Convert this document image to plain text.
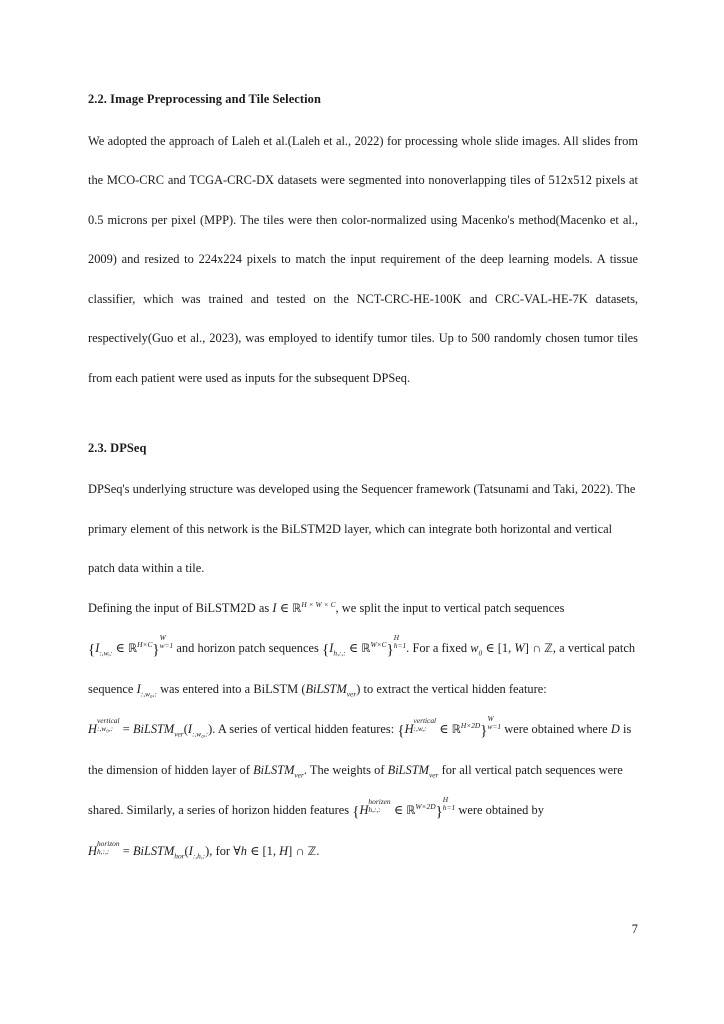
2.2. Image Preprocessing and Tile Selection

We adopted the approach of Laleh et al.(Laleh et al., 2022) for processing whole slide images. All slides from the MCO-CRC and TCGA-CRC-DX datasets were segmented into nonoverlapping tiles of 512x512 pixels at 0.5 microns per pixel (MPP). The tiles were then color-normalized using Macenko's method(Macenko et al., 2009) and resized to 224x224 pixels to match the input requirement of the deep learning models. A tissue classifier, which was trained and tested on the NCT-CRC-HE-100K and CRC-VAL-HE-7K datasets, respectively(Guo et al., 2023), was employed to identify tumor tiles. Up to 500 randomly chosen tumor tiles from each patient were used as inputs for the subsequent DPSeq.

2.3. DPSeq

DPSeq's underlying structure was developed using the Sequencer framework (Tatsunami and Taki, 2022). The primary element of this network is the BiLSTM2D layer, which can integrate both horizontal and vertical patch data within a tile.

Defining the input of BiLSTM2D as I ∈ ℝ$^{H \times W \times C}$, we split the input to vertical patch sequences {$I_{:,w,:}$ ∈ ℝ$^{H\times C}$}
W
w=1 and horizon patch sequences {$I_{h,:,:}$ ∈ ℝ$^{W\times C}$}
H
h=1 . For a fixed $w_0$ ∈ [1, W] ∩ ℤ, a vertical patch sequence $I_{:,w_0,:}$ was entered into a BiLSTM (BiLSTM$_{ver}$) to extract the vertical hidden feature: H
vertical
:,w₀,: = $BiLSTM_{ver}(I_{:,w_0,:})$. A series of vertical hidden features: {H
vertical
:,w,:	∈ ℝ$^{H\times 2D}$}
W
w=1 were obtained where D is the dimension of hidden layer of BiLSTM$_{ver}$. The weights of BiLSTM$_{ver}$ for all vertical patch sequences were shared. Similarly, a series of horizon hidden features {H
horizen
h,:,:	∈ ℝ$^{W\times 2D}$}
H
h=1 were obtained by H
horizon
h,:,:	= $BiLSTM_{hor}(I_{:,h,:})$, for ∀h ∈ [1, H] ∩ ℤ.

7
